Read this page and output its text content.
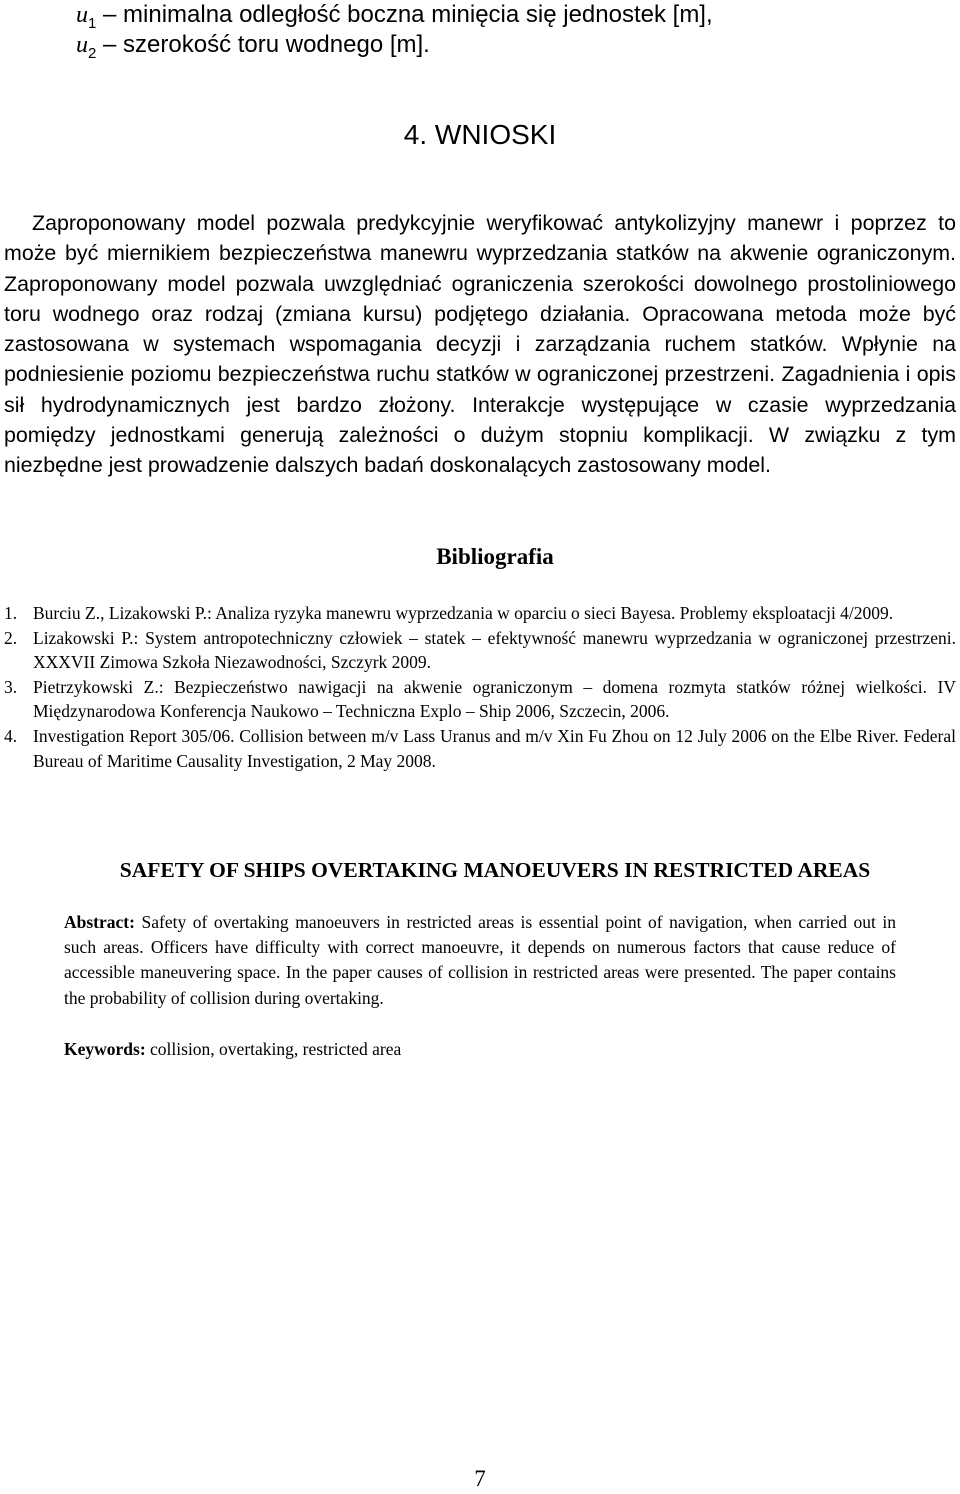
$u_1$ – minimalna odległość boczna minięcia się jednostek [m],
$u_2$ – szerokość toru wodnego [m].
4. WNIOSKI

Zaproponowany model pozwala predykcyjnie weryfikować antykolizyjny manewr i poprzez to może być miernikiem bezpieczeństwa manewru wyprzedzania statków na akwenie ograniczonym. Zaproponowany model pozwala uwzględniać ograniczenia szerokości dowolnego prostoliniowego toru wodnego oraz rodzaj (zmiana kursu) podjętego działania. Opracowana metoda może być zastosowana w systemach wspomagania decyzji i zarządzania ruchem statków. Wpłynie na podniesienie poziomu bezpieczeństwa ruchu statków w ograniczonej przestrzeni. Zagadnienia i opis sił hydrodynamicznych jest bardzo złożony. Interakcje występujące w czasie wyprzedzania pomiędzy jednostkami generują zależności o dużym stopniu komplikacji. W związku z tym niezbędne jest prowadzenie dalszych badań doskonalących zastosowany model.

Bibliografia
1. Burciu Z., Lizakowski P.: Analiza ryzyka manewru wyprzedzania w oparciu o sieci Bayesa. Problemy eksploatacji 4/2009.
2. Lizakowski P.: System antropotechniczny człowiek – statek – efektywność manewru wyprzedzania w ograniczonej przestrzeni. XXXVII Zimowa Szkoła Niezawodności, Szczyrk 2009.
3. Pietrzykowski Z.: Bezpieczeństwo nawigacji na akwenie ograniczonym – domena rozmyta statków różnej wielkości. IV Międzynarodowa Konferencja Naukowo – Techniczna Explo – Ship 2006, Szczecin, 2006.
4. Investigation Report 305/06. Collision between m/v Lass Uranus and m/v Xin Fu Zhou on 12 July 2006 on the Elbe River. Federal Bureau of Maritime Causality Investigation, 2 May 2008.
SAFETY OF SHIPS OVERTAKING MANOEUVERS IN RESTRICTED AREAS

Abstract: Safety of overtaking manoeuvers in restricted areas is essential point of navigation, when carried out in such areas. Officers have difficulty with correct manoeuvre, it depends on numerous factors that cause reduce of accessible maneuvering space. In the paper causes of collision in restricted areas were presented. The paper contains the probability of collision during overtaking.

Keywords: collision, overtaking, restricted area

7
